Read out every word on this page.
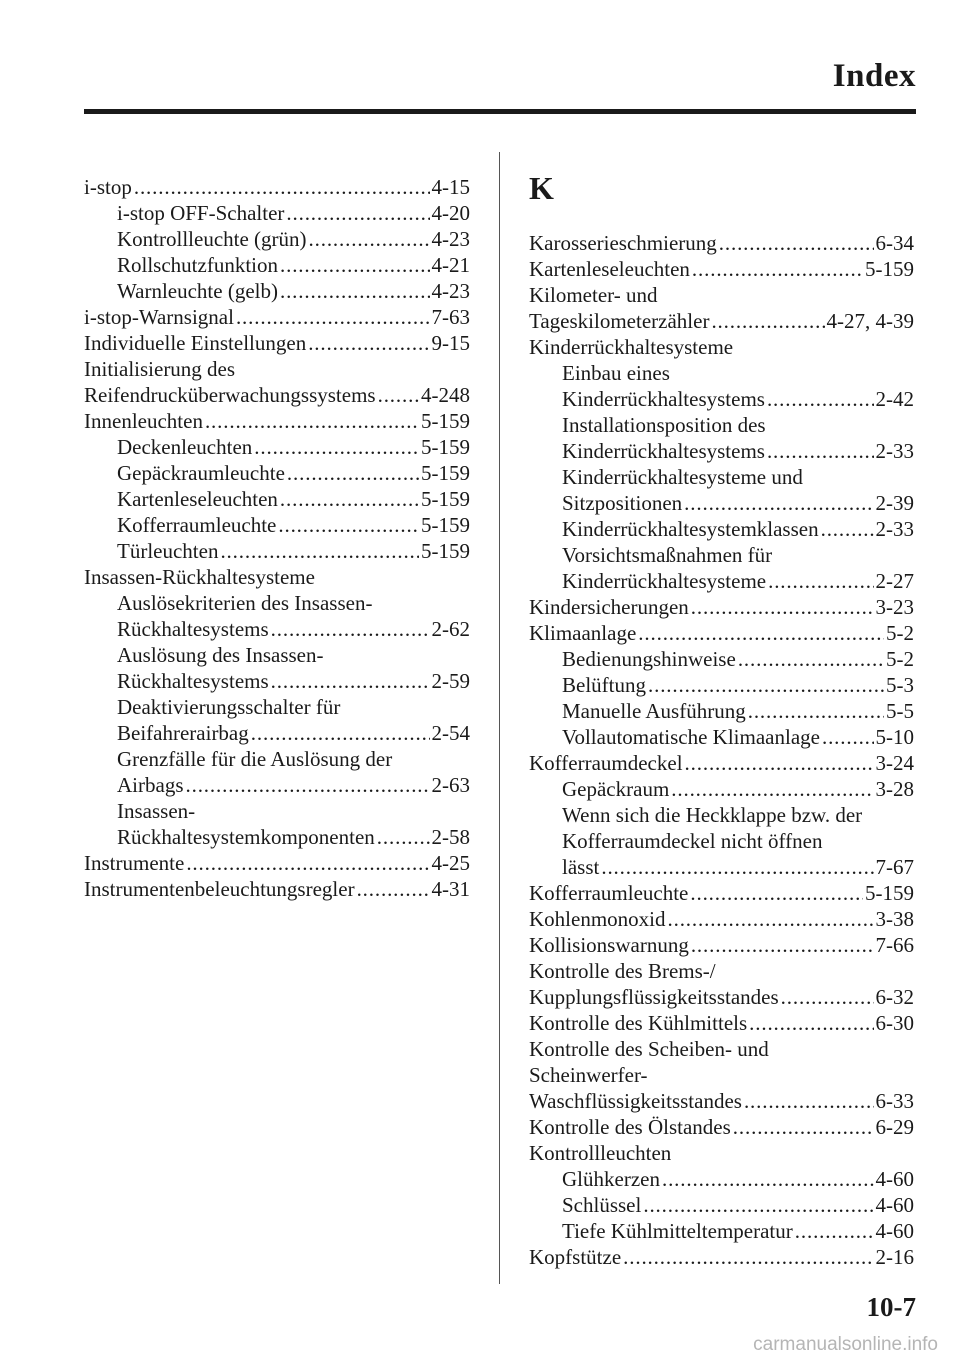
Index
i-stop . . .	4-15
i-stop OFF-Schalter . . .	4-20
Kontrollleuchte (grün) . . .	4-23
Rollschutzfunktion . . .	4-21
Warnleuchte (gelb) . . .	4-23
i-stop-Warnsignal . . .	7-63
Individuelle Einstellungen . . .	9-15
Initialisierung des
Reifendrucküberwachungssystems . . . 4-248
Innenleuchten . . .	5-159
Deckenleuchten . . .	5-159
Gepäckraumleuchte . . .	5-159
Kartenleseleuchten . . .	5-159
Kofferraumleuchte . . .	5-159
Türleuchten . . .	5-159
Insassen-Rückhaltesysteme
Auslösekriterien des Insassen-
Rückhaltesystems . . .	2-62
Auslösung des Insassen-
Rückhaltesystems . . .	2-59
Deaktivierungsschalter für
Beifahrerairbag . . .	2-54
Grenzfälle für die Auslösung der
Airbags . . .	2-63
Insassen-
Rückhaltesystemkomponenten . . .	2-58
Instrumente . . .	4-25
Instrumentenbeleuchtungsregler . . .	4-31
K
Karosserieschmierung . . .	6-34
Kartenleseleuchten . . .	5-159
Kilometer- und
Tageskilometerzähler . . .	4-27, 4-39
Kinderrückhaltesysteme
Einbau eines
Kinderrückhaltesystems . . .	2-42
Installationsposition des
Kinderrückhaltesystems . . .	2-33
Kinderrückhaltesysteme und
Sitzpositionen . . .	2-39
Kinderrückhaltesystemklassen . . .	2-33
Vorsichtsmaßnahmen für
Kinderrückhaltesysteme . . .	2-27
Kindersicherungen . . .	3-23
Klimaanlage . . .	5-2
Bedienungshinweise . . .	5-2
Belüftung . . .	5-3
Manuelle Ausführung . . .	5-5
Vollautomatische Klimaanlage . . .	5-10
Kofferraumdeckel . . .	3-24
Gepäckraum . . .	3-28
Wenn sich die Heckklappe bzw. der
Kofferraumdeckel nicht öffnen
lässt . . .	7-67
Kofferraumleuchte . . .	5-159
Kohlenmonoxid . . .	3-38
Kollisionswarnung . . .	7-66
Kontrolle des Brems-/
Kupplungsflüssigkeitsstandes . . .	6-32
Kontrolle des Kühlmittels . . .	6-30
Kontrolle des Scheiben- und
Scheinwerfer-
Waschflüssigkeitsstandes . . .	6-33
Kontrolle des Ölstandes . . .	6-29
Kontrollleuchten
Glühkerzen . . .	4-60
Schlüssel . . .	4-60
Tiefe Kühlmitteltemperatur . . .	4-60
Kopfstütze . . .	2-16
10-7
carmanualsonline.info
